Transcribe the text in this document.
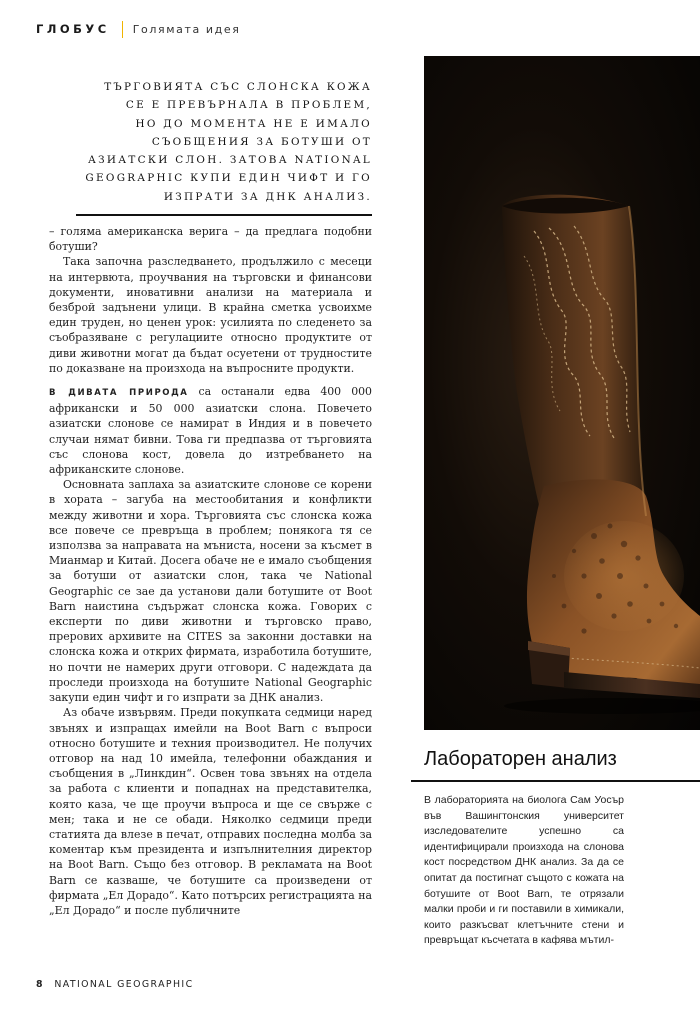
ГЛОБУС Голямата идея
ТЪРГОВИЯТА СЪС СЛОНСКА КОЖА
СЕ Е ПРЕВЪРНАЛА В ПРОБЛЕМ,
НО ДО МОМЕНТА НЕ Е ИМАЛО
СЪОБЩЕНИЯ ЗА БОТУШИ ОТ
АЗИАТСКИ СЛОН. ЗАТОВА NATIONAL
GEOGRAPHIC КУПИ ЕДИН ЧИФТ И ГО
ИЗПРАТИ ЗА ДНК АНАЛИЗ.

– голяма американска верига – да предлага подобни ботуши?

Така започна разследването, продължило с месеци на интервюта, проучвания на търговски и финансови документи, иновативни анализи на материала и безброй задънени улици. В крайна сметка усвоихме един труден, но ценен урок: усилията по следенето за съобразяване с регулациите относно продуктите от диви животни могат да бъдат осуетени от трудностите по доказване на произхода на въпросните продукти.

В ДИВАТА ПРИРОДА са останали едва 400 000 африкански и 50 000 азиатски слона. Повечето азиатски слонове се намират в Индия и в повечето случаи нямат бивни. Това ги предпазва от търговията със слонова кост, довела до изтребването на африканските слонове.

Основната заплаха за азиатските слонове се корени в хората – загуба на местообитания и конфликти между животни и хора. Търговията със слонска кожа все повече се превръща в проблем; понякога тя се използва за направата на мъниста, носени за късмет в Мианмар и Китай. Досега обаче не е имало съобщения за ботуши от азиатски слон, така че National Geographic се зае да установи дали ботушите от Boot Barn наистина съдържат слонска кожа. Говорих с експерти по диви животни и търговско право, прерових архивите на CITES за законни доставки на слонска кожа и открих фирмата, изработила ботушите, но почти не намерих други отговори. С надеждата да проследи произхода на ботушите National Geographic закупи един чифт и го изпрати за ДНК анализ.

Аз обаче извървям. Преди покупката седмици наред звънях и изпращах имейли на Boot Barn с въпроси относно ботушите и техния производител. Не получих отговор на над 10 имейла, телефонни обаждания и съобщения в „Линкдин“. Освен това звънях на отдела за работа с клиенти и попаднах на представителка, която каза, че ще проучи въпроса и ще се свърже с мен; така и не се обади. Няколко седмици преди статията да влезе в печат, отправих последна молба за коментар към президента и изпълнителния директор на Boot Barn. Също без отговор. В рекламата на Boot Barn се казваше, че ботушите са произведени от фирмата „Ел Дорадо“. Като потърсих регистрацията на „Ел Дорадо“ и после публичните

Лабораторен анализ
В лабораторията на биолога Сам Уосър във Вашингтонския университет изследователите успешно са идентифицирали произхода на слонова кост посредством ДНК анализ. За да се опитат да постигнат същото с кожата на ботушите от Boot Barn, те отрязали малки проби и ги поставили в химикали, които разкъсват клетъчните стени и превръщат късчетата в кафява мътил-
8 NATIONAL GEOGRAPHIC
